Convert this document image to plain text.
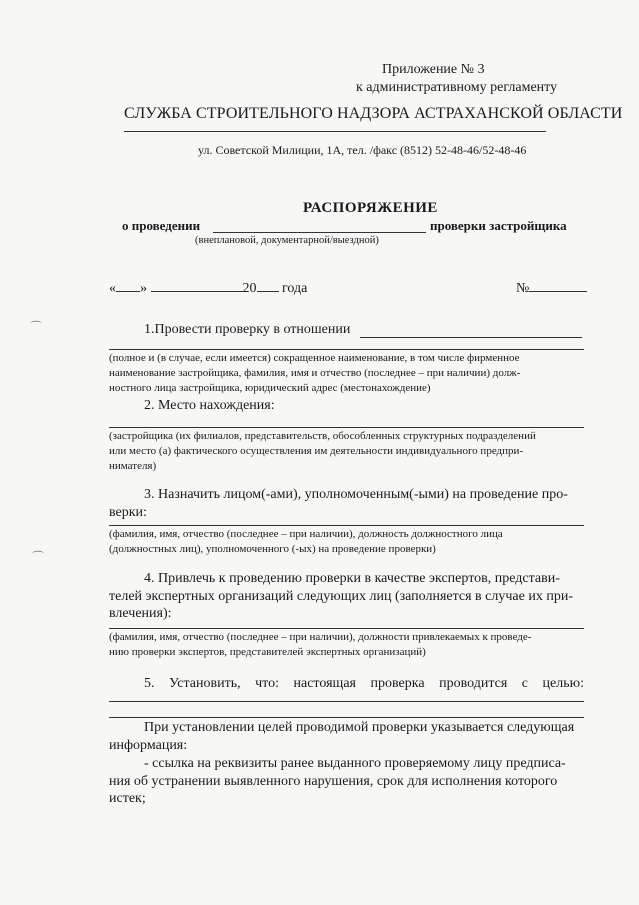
⌒
⌒
Приложение № 3
к административному регламенту
СЛУЖБА СТРОИТЕЛЬНОГО НАДЗОРА АСТРАХАНСКОЙ ОБЛАСТИ
ул. Советской Милиции, 1А, тел. /факс (8512) 52-48-46/52-48-46
РАСПОРЯЖЕНИЕ
о проведении	проверки застройщика
(внеплановой, документарной/выездной)
« »	20 года	№
1.Провести проверку в отношении
(полное и (в случае, если имеется) сокращенное наименование, в том числе фирменное
наименование застройщика, фамилия, имя и отчество (последнее – при наличии) долж-
ностного лица застройщика, юридический адрес (местонахождение)
2. Место нахождения:
(застройщика (их филиалов, представительств, обособленных структурных подразделений
или место (а) фактического осуществления им деятельности индивидуального предпри-
нимателя)
3. Назначить лицом(-ами), уполномоченным(-ыми) на проведение про-
верки:
(фамилия, имя, отчество (последнее – при наличии), должность должностного лица
(должностных лиц), уполномоченного (-ых) на проведение проверки)
4. Привлечь к проведению проверки в качестве экспертов, представи-
телей экспертных организаций следующих лиц (заполняется в случае их при-
влечения):
(фамилия, имя, отчество (последнее – при наличии), должности привлекаемых к проведе-
нию проверки экспертов, представителей экспертных организаций)
5. Установить, что: настоящая проверка проводится с целью:
При установлении целей проводимой проверки указывается следующая
информация:
- ссылка на реквизиты ранее выданного проверяемому лицу предписа-
ния об устранении выявленного нарушения, срок для исполнения которого
истек;
